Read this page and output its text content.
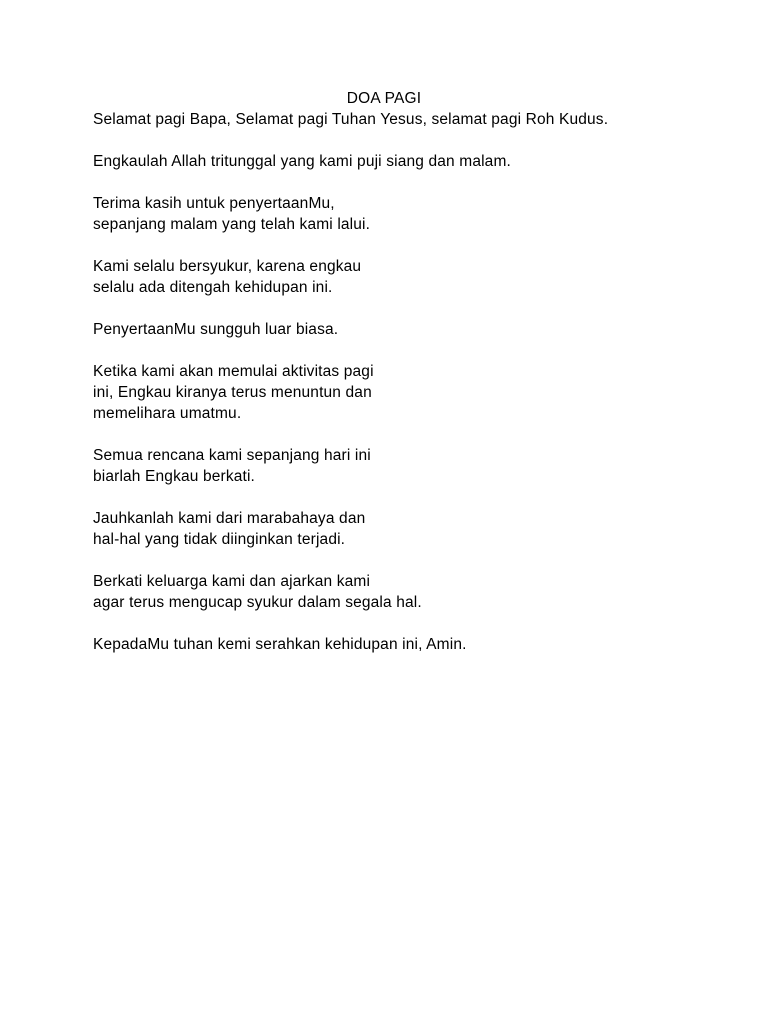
DOA PAGI

Selamat pagi Bapa, Selamat pagi Tuhan Yesus, selamat pagi Roh Kudus.

Engkaulah Allah tritunggal yang kami puji siang dan malam.

Terima kasih untuk penyertaanMu,
sepanjang malam yang telah kami lalui.

Kami selalu bersyukur, karena engkau
selalu ada ditengah kehidupan ini.

PenyertaanMu sungguh luar biasa.

Ketika kami akan memulai aktivitas pagi
ini, Engkau kiranya terus menuntun dan
memelihara umatmu.

Semua rencana kami sepanjang hari ini
biarlah Engkau berkati.

Jauhkanlah kami dari marabahaya dan
hal-hal yang tidak diinginkan terjadi.

Berkati keluarga kami dan ajarkan kami
agar terus mengucap syukur dalam segala hal.

KepadaMu tuhan kemi serahkan kehidupan ini, Amin.
